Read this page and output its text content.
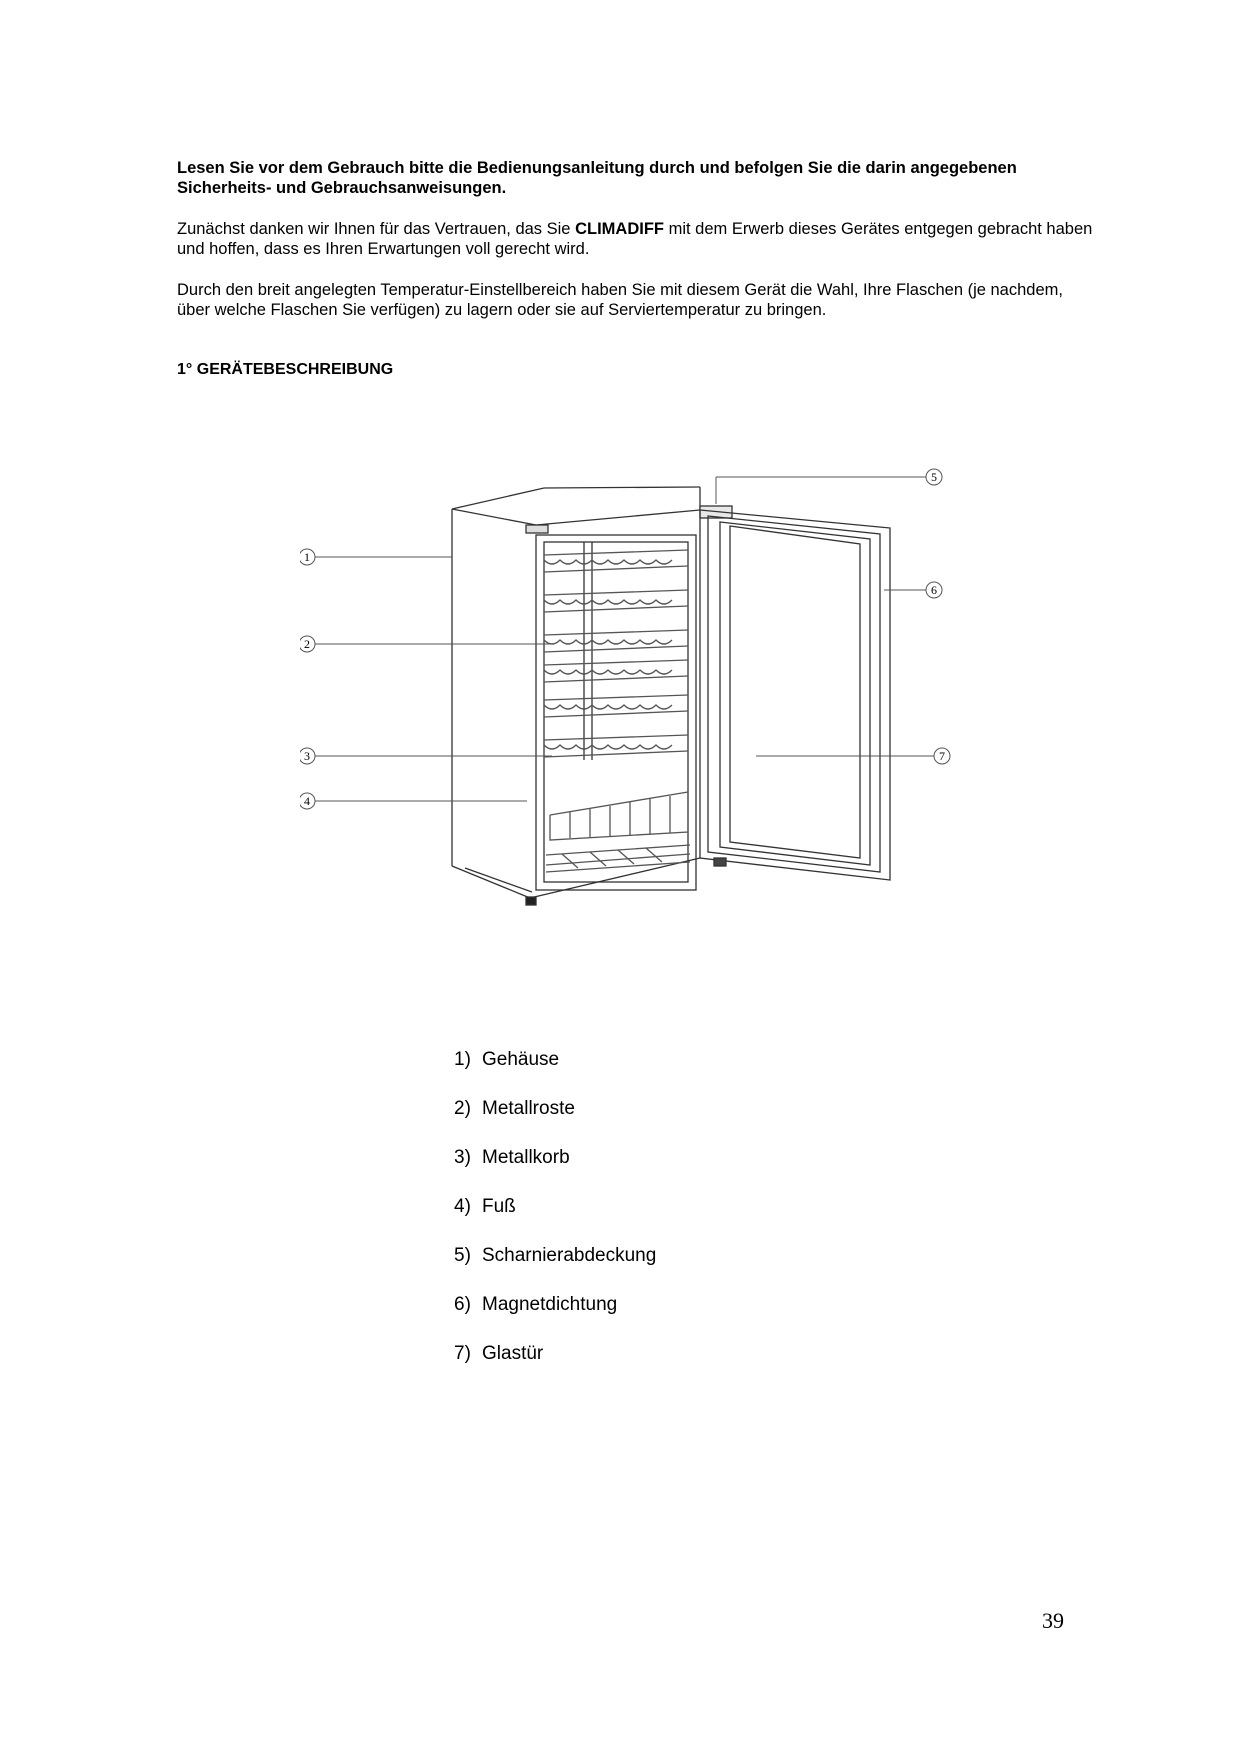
Lesen Sie vor dem Gebrauch bitte die Bedienungsanleitung durch und befolgen Sie die darin angegebenen Sicherheits- und Gebrauchsanweisungen.
Zunächst danken wir Ihnen für das Vertrauen, das Sie CLIMADIFF mit dem Erwerb dieses Gerätes entgegen gebracht haben und hoffen, dass es Ihren Erwartungen voll gerecht wird.
Durch den breit angelegten Temperatur-Einstellbereich haben Sie mit diesem Gerät die Wahl, Ihre Flaschen (je nachdem, über welche Flaschen Sie verfügen) zu lagern oder sie auf Serviertemperatur zu bringen.
1° GERÄTEBESCHREIBUNG
1
2
3
4
5
6
7
1) Gehäuse
2) Metallroste
3) Metallkorb
4) Fuß
5) Scharnierabdeckung
6) Magnetdichtung
7) Glastür
39
